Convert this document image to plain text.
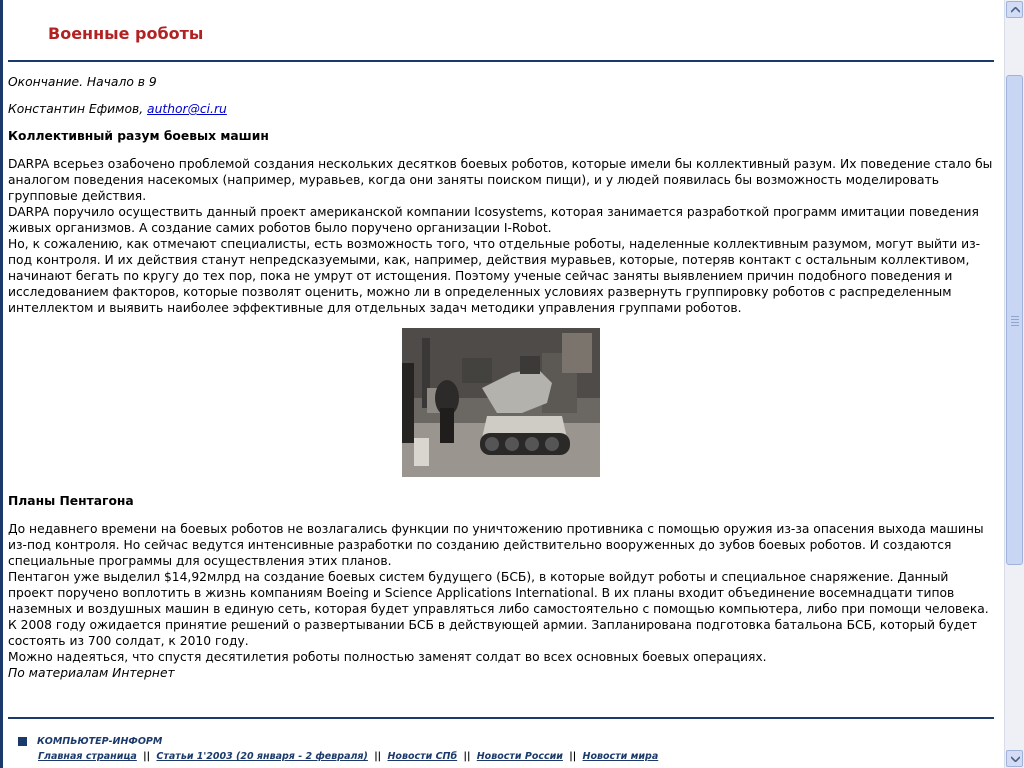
Военные роботы

Окончание. Начало в 9

Константин Ефимов, author@ci.ru

Коллективный разум боевых машин

DARPA всерьез озабочено проблемой создания нескольких десятков боевых роботов, которые имели бы коллективный разум. Их поведение стало бы аналогом поведения насекомых (например, муравьев, когда они заняты поиском пищи), и у людей появилась бы возможность моделировать групповые действия.

DARPA поручило осуществить данный проект американской компании Icosystems, которая занимается разработкой программ имитации поведения живых организмов. А создание самих роботов было поручено организации I-Robot.

Но, к сожалению, как отмечают специалисты, есть возможность того, что отдельные роботы, наделенные коллективным разумом, могут выйти из-под контроля. И их действия станут непредсказуемыми, как, например, действия муравьев, которые, потеряв контакт с остальным коллективом, начинают бегать по кругу до тех пор, пока не умрут от истощения. Поэтому ученые сейчас заняты выявлением причин подобного поведения и исследованием факторов, которые позволят оценить, можно ли в определенных условиях развернуть группировку роботов с распределенным интеллектом и выявить наиболее эффективные для отдельных задач методики управления группами роботов.

Планы Пентагона

До недавнего времени на боевых роботов не возлагались функции по уничтожению противника с помощью оружия из-за опасения выхода машины из-под контроля. Но сейчас ведутся интенсивные разработки по созданию действительно вооруженных до зубов боевых роботов. И создаются специальные программы для осуществления этих планов.

Пентагон уже выделил $14,92млрд на создание боевых систем будущего (БСБ), в которые войдут роботы и специальное снаряжение. Данный проект поручено воплотить в жизнь компаниям Boeing и Science Applications International. В их планы входит объединение восемнадцати типов наземных и воздушных машин в единую сеть, которая будет управляться либо самостоятельно с помощью компьютера, либо при помощи человека.

К 2008 году ожидается принятие решений о развертывании БСБ в действующей армии. Запланирована подготовка батальона БСБ, который будет состоять из 700 солдат, к 2010 году.

Можно надеяться, что спустя десятилетия роботы полностью заменят солдат во всех основных боевых операциях.

По материалам Интернет

КОМПЬЮТЕР-ИНФОРМ
Главная страница || Статьи 1'2003 (20 января - 2 февраля) || Новости СПб || Новости России || Новости мира
